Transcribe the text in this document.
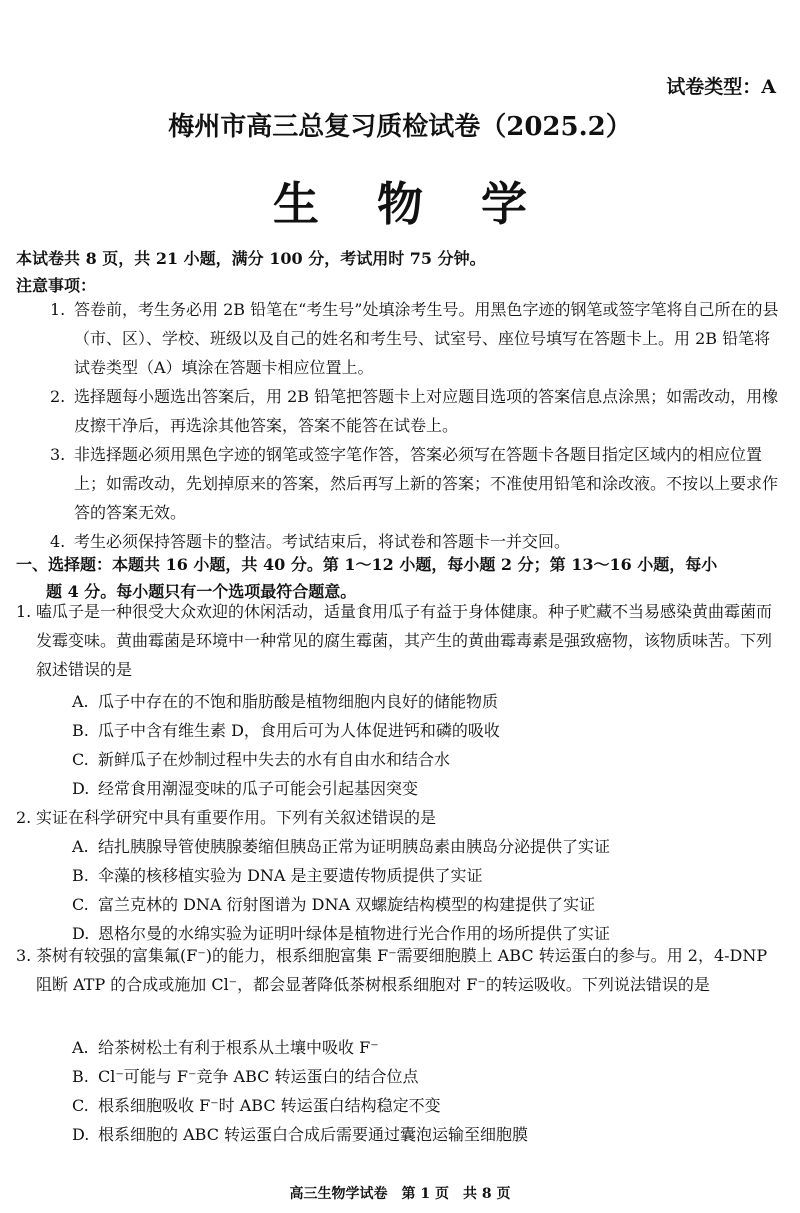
试卷类型：A
梅州市高三总复习质检试卷（2025.2）
生物学
本试卷共 8 页，共 21 小题，满分 100 分，考试用时 75 分钟。
注意事项：

1. 答卷前，考生务必用 2B 铅笔在“考生号”处填涂考生号。用黑色字迹的钢笔或签字笔将自己所在的县（市、区）、学校、班级以及自己的姓名和考生号、试室号、座位号填写在答题卡上。用 2B 铅笔将试卷类型（A）填涂在答题卡相应位置上。

2. 选择题每小题选出答案后，用 2B 铅笔把答题卡上对应题目选项的答案信息点涂黑；如需改动，用橡皮擦干净后，再选涂其他答案，答案不能答在试卷上。

3. 非选择题必须用黑色字迹的钢笔或签字笔作答，答案必须写在答题卡各题目指定区域内的相应位置上；如需改动，先划掉原来的答案，然后再写上新的答案；不准使用铅笔和涂改液。不按以上要求作答的答案无效。

4. 考生必须保持答题卡的整洁。考试结束后，将试卷和答题卡一并交回。

一、选择题：本题共 16 小题，共 40 分。第 1～12 小题，每小题 2 分；第 13～16 小题，每小
题 4 分。每小题只有一个选项最符合题意。
1. 嗑瓜子是一种很受大众欢迎的休闲活动，适量食用瓜子有益于身体健康。种子贮藏不当易感染黄曲霉菌而发霉变味。黄曲霉菌是环境中一种常见的腐生霉菌，其产生的黄曲霉毒素是强致癌物，该物质味苦。下列叙述错误的是
A. 瓜子中存在的不饱和脂肪酸是植物细胞内良好的储能物质
B. 瓜子中含有维生素 D，食用后可为人体促进钙和磷的吸收
C. 新鲜瓜子在炒制过程中失去的水有自由水和结合水
D. 经常食用潮湿变味的瓜子可能会引起基因突变
2. 实证在科学研究中具有重要作用。下列有关叙述错误的是
A. 结扎胰腺导管使胰腺萎缩但胰岛正常为证明胰岛素由胰岛分泌提供了实证
B. 伞藻的核移植实验为 DNA 是主要遗传物质提供了实证
C. 富兰克林的 DNA 衍射图谱为 DNA 双螺旋结构模型的构建提供了实证
D. 恩格尔曼的水绵实验为证明叶绿体是植物进行光合作用的场所提供了实证
3. 茶树有较强的富集氟(F⁻)的能力，根系细胞富集 F⁻需要细胞膜上 ABC 转运蛋白的参与。用 2，4-DNP 阻断 ATP 的合成或施加 Cl⁻，都会显著降低茶树根系细胞对 F⁻的转运吸收。下列说法错误的是
A. 给茶树松土有利于根系从土壤中吸收 F⁻
B. Cl⁻可能与 F⁻竞争 ABC 转运蛋白的结合位点
C. 根系细胞吸收 F⁻时 ABC 转运蛋白结构稳定不变
D. 根系细胞的 ABC 转运蛋白合成后需要通过囊泡运输至细胞膜
高三生物学试卷　第 1 页　共 8 页
